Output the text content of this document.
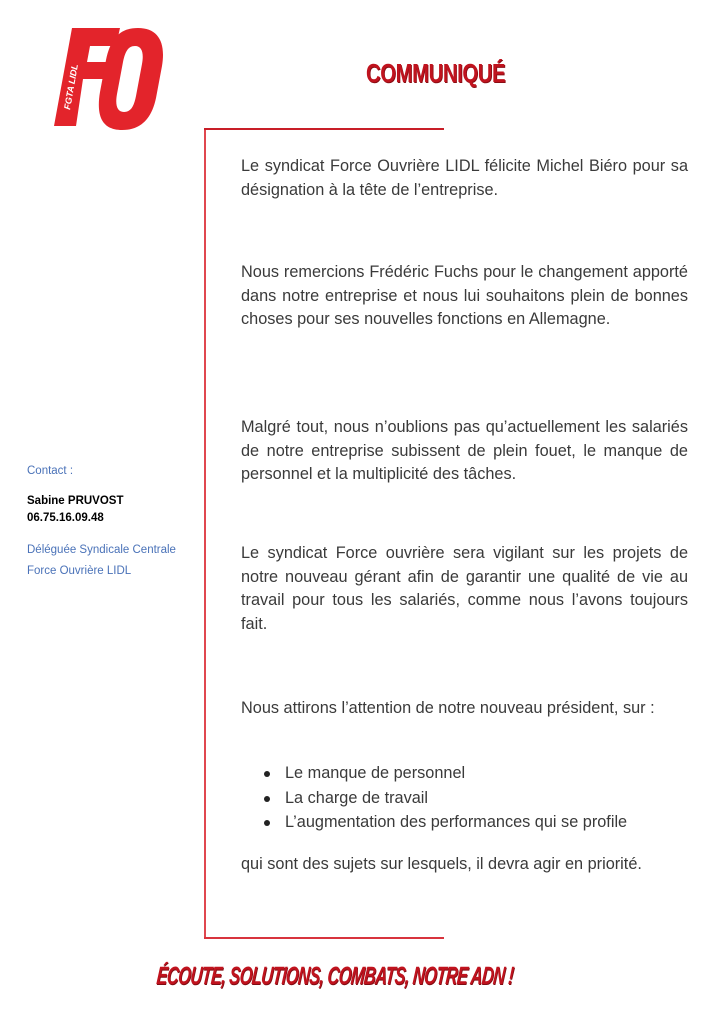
FGTA LIDL	COMMUNIQUÉ

Contact :

Sabine PRUVOST

06.75.16.09.48

Déléguée Syndicale Centrale
Force Ouvrière LIDL

Le syndicat Force Ouvrière LIDL félicite Michel Biéro pour sa désignation à la tête de l’entreprise.

Nous remercions Frédéric Fuchs pour le changement apporté dans notre entreprise et nous lui souhaitons plein de bonnes choses pour ses nouvelles fonctions en Allemagne.

Malgré tout, nous n’oublions pas qu’actuellement les salariés de notre entreprise subissent de plein fouet, le manque de personnel et la multiplicité des tâches.

Le syndicat Force ouvrière sera vigilant sur les projets de notre nouveau gérant afin de garantir une qualité de vie au travail pour tous les salariés, comme nous l’avons toujours fait.

Nous attirons l’attention de notre nouveau président, sur :

Le manque de personnel
La charge de travail
L’augmentation des performances qui se profile

qui sont des sujets sur lesquels, il devra agir en priorité.

ÉCOUTE, SOLUTIONS, COMBATS, NOTRE ADN !
